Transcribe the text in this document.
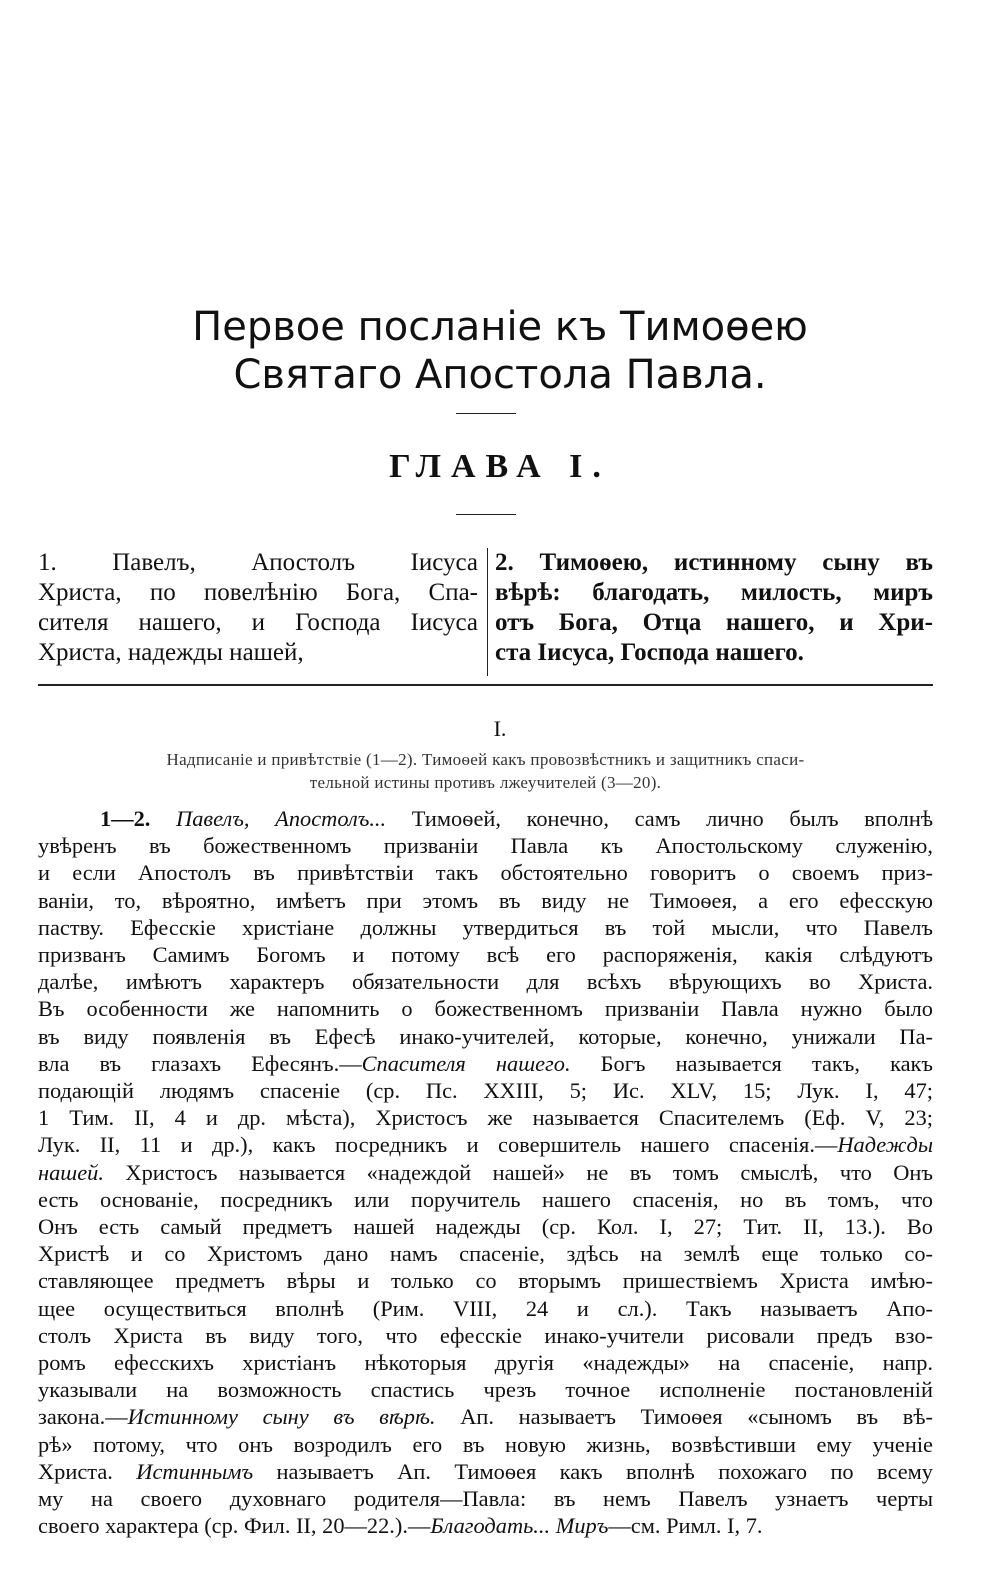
Первое посланіе къ Тимоѳею
Святаго Апостола Павла.
ГЛАВА І.
1. Павелъ, Апостолъ Іисуса
Христа, по повелѣнію Бога, Спа-
сителя нашего, и Господа Іисуса
Христа, надежды нашей,
2. Тимоѳею, истинному сыну въ
вѣрѣ: благодать, милость, миръ
отъ Бога, Отца нашего, и Хри-
ста Іисуса, Господа нашего.
І.
Надписаніе и привѣтствіе (1—2). Тимоѳей какъ провозвѣстникъ и защитникъ спаси-
тельной истины противъ лжеучителей (3—20).
1—2. Павелъ, Апостолъ... Тимоѳей, конечно, самъ лично былъ вполнѣ
увѣренъ въ божественномъ призваніи Павла къ Апостольскому служенію,
и если Апостолъ въ привѣтствіи такъ обстоятельно говоритъ о своемъ приз-
ваніи, то, вѣроятно, имѣетъ при этомъ въ виду не Тимоѳея, а его ефесскую
паству. Ефесскіе христіане должны утвердиться въ той мысли, что Павелъ
призванъ Самимъ Богомъ и потому всѣ его распоряженія, какія слѣдуютъ
далѣе, имѣютъ характеръ обязательности для всѣхъ вѣрующихъ во Христа.
Въ особенности же напомнить о божественномъ призваніи Павла нужно было
въ виду появленія въ Ефесѣ инако-учителей, которые, конечно, унижали Па-
вла въ глазахъ Ефесянъ.—Спасителя нашего. Богъ называется такъ, какъ
подающій людямъ спасеніе (ср. Пс. XXIII, 5; Ис. XLV, 15; Лук. І, 47;
1 Тим. II, 4 и др. мѣста), Христосъ же называется Спасителемъ (Еф. V, 23;
Лук. II, 11 и др.), какъ посредникъ и совершитель нашего спасенія.—Надежды
нашей. Христосъ называется «надеждой нашей» не въ томъ смыслѣ, что Онъ
есть основаніе, посредникъ или поручитель нашего спасенія, но въ томъ, что
Онъ есть самый предметъ нашей надежды (ср. Кол. І, 27; Тит. II, 13.). Во
Христѣ и со Христомъ дано намъ спасеніе, здѣсь на землѣ еще только со-
ставляющее предметъ вѣры и только со вторымъ пришествіемъ Христа имѣю-
щее осуществиться вполнѣ (Рим. VIII, 24 и сл.). Такъ называетъ Апо-
столъ Христа въ виду того, что ефесскіе инако-учители рисовали предъ взо-
ромъ ефесскихъ христіанъ нѣкоторыя другія «надежды» на спасеніе, напр.
указывали на возможность спастись чрезъ точное исполненіе постановленій
закона.—Истинному сыну въ вѣрѣ. Ап. называетъ Тимоѳея «сыномъ въ вѣ-
рѣ» потому, что онъ возродилъ его въ новую жизнь, возвѣстивши ему ученіе
Христа. Истиннымъ называетъ Ап. Тимоѳея какъ вполнѣ похожаго по всему
му на своего духовнаго родителя—Павла: въ немъ Павелъ узнаетъ черты
своего характера (ср. Фил. II, 20—22.).—Благодать... Миръ—см. Римл. І, 7.
